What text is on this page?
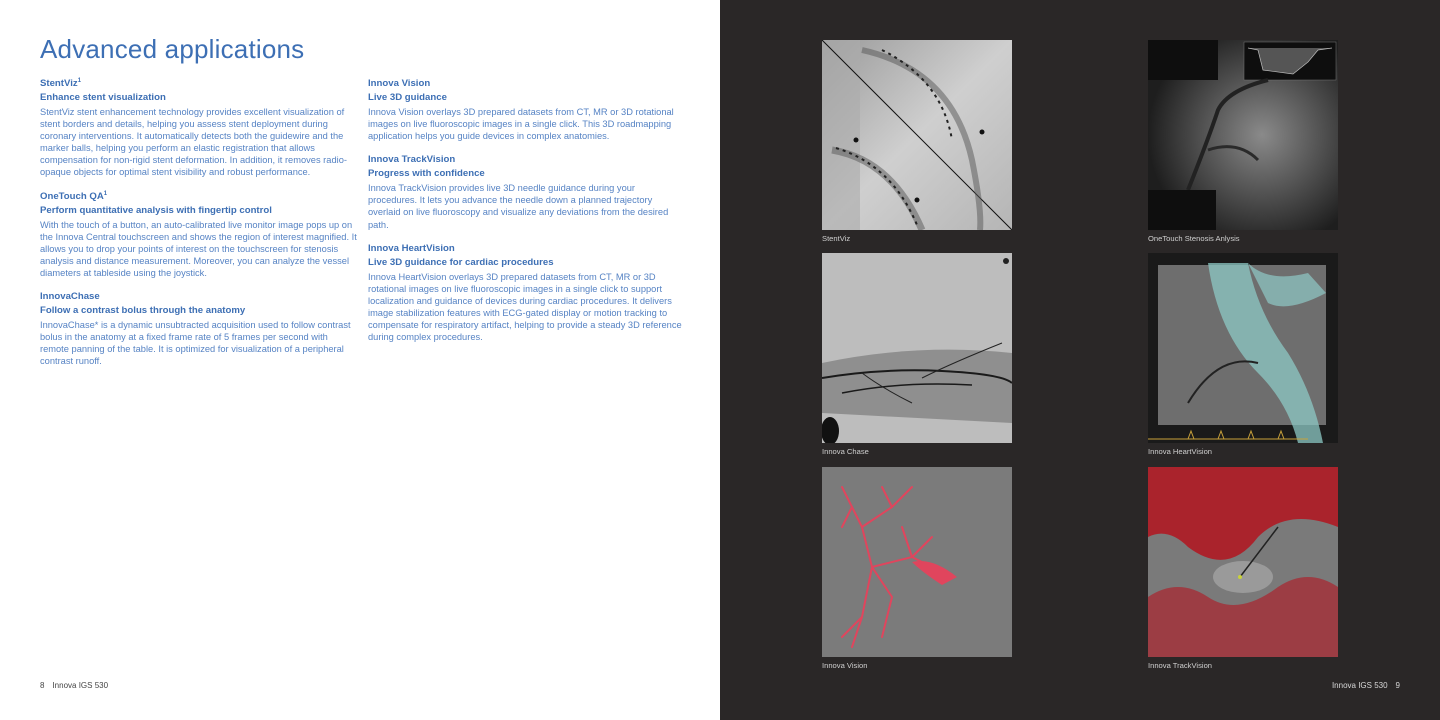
Advanced applications
StentViz$^1$
Enhance stent visualization
StentViz stent enhancement technology provides excellent visualization of stent borders and details, helping you assess stent deployment during coronary interventions. It automatically detects both the guidewire and the marker balls, helping you perform an elastic registration that allows compensation for non-rigid stent deformation. In addition, it removes radio-opaque objects for optimal stent visibility and robust performance.
OneTouch $QA^1$
Perform quantitative analysis with fingertip control
With the touch of a button, an auto-calibrated live monitor image pops up on the Innova Central touchscreen and shows the region of interest magnified. It allows you to drop your points of interest on the touchscreen for stenosis analysis and distance measurement. Moreover, you can analyze the vessel diameters at tableside using the joystick.
InnovaChase
Follow a contrast bolus through the anatomy
InnovaChase* is a dynamic unsubtracted acquisition used to follow contrast bolus in the anatomy at a fixed frame rate of 5 frames per second with remote panning of the table. It is optimized for visualization of a peripheral contrast runoff.
Innova Vision
Live 3D guidance
Innova Vision overlays 3D prepared datasets from CT, MR or 3D rotational images on live fluoroscopic images in a single click. This 3D roadmapping application helps you guide devices in complex anatomies.
Innova TrackVision
Progress with confidence
Innova TrackVision provides live 3D needle guidance during your procedures. It lets you advance the needle down a planned trajectory overlaid on live fluoroscopy and visualize any deviations from the desired path.
Innova HeartVision
Live 3D guidance for cardiac procedures
Innova HeartVision overlays 3D prepared datasets from CT, MR or 3D rotational images on live fluoroscopic images in a single click to support localization and guidance of devices during cardiac procedures. It delivers image stabilization features with ECG-gated display or motion tracking to compensate for respiratory artifact, helping to provide a steady 3D reference during complex procedures.
8 Innova IGS 530
StentViz	OneTouch Stenosis Anlysis
Innova Chase	Innova HeartVision
Innova Vision	Innova TrackVision
Innova IGS 530 9
